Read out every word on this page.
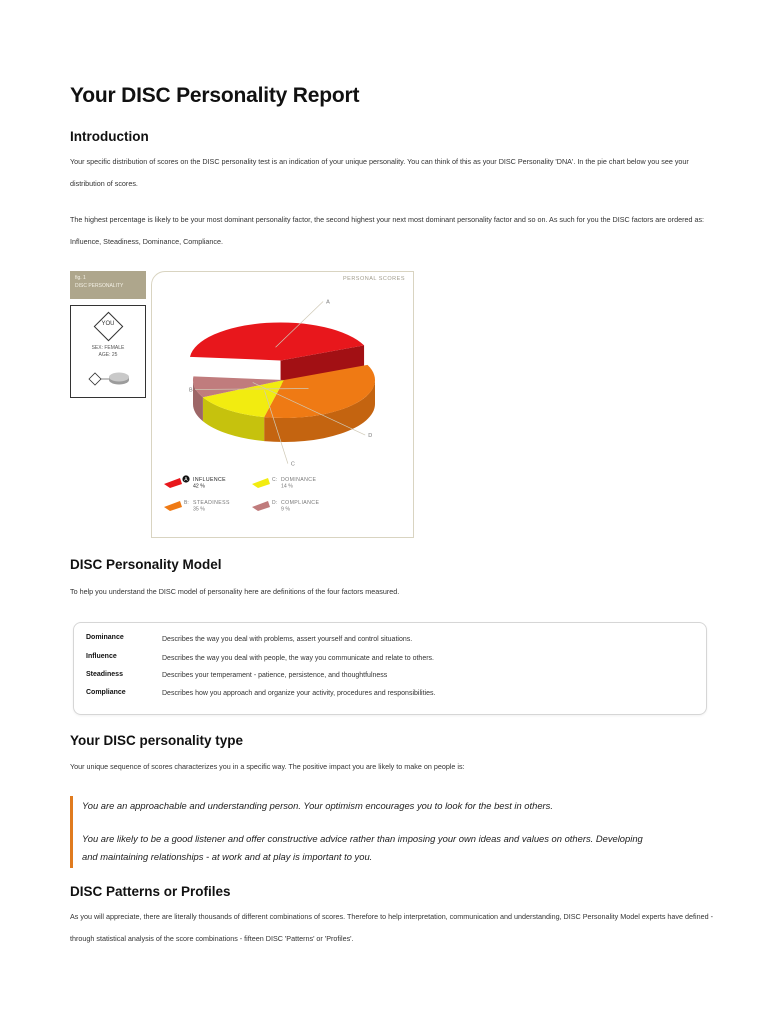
Your DISC Personality Report
Introduction

Your specific distribution of scores on the DISC personality test is an indication of your unique personality. You can think of this as your DISC Personality 'DNA'. In the pie chart below you see your distribution of scores.

The highest percentage is likely to be your most dominant personality factor, the second highest your next most dominant personality factor and so on. As such for you the DISC factors are ordered as: Influence, Steadiness, Dominance, Compliance.

fig. 1
DISC PERSONALITY
YOU
SEX: FEMALE
AGE: 25
PERSONAL SCORES
A
B
C
D
A INFLUENCE
42 %
B: STEADINESS
35 %
C: DOMINANCE
14 %
D: COMPLIANCE
9 %
DISC Personality Model

To help you understand the DISC model of personality here are definitions of the four factors measured.

Dominance	Describes the way you deal with problems, assert yourself and control situations.
Influence	Describes the way you deal with people, the way you communicate and relate to others.
Steadiness	Describes your temperament - patience, persistence, and thoughtfulness
Compliance	Describes how you approach and organize your activity, procedures and responsibilities.
Your DISC personality type

Your unique sequence of scores characterizes you in a specific way. The positive impact you are likely to make on people is:

You are an approachable and understanding person. Your optimism encourages you to look for the best in others.

You are likely to be a good listener and offer constructive advice rather than imposing your own ideas and values on others. Developing

and maintaining relationships - at work and at play is important to you.

DISC Patterns or Profiles

As you will appreciate, there are literally thousands of different combinations of scores. Therefore to help interpretation, communication and understanding, DISC Personality Model experts have defined - through statistical analysis of the score combinations - fifteen DISC 'Patterns' or 'Profiles'.
